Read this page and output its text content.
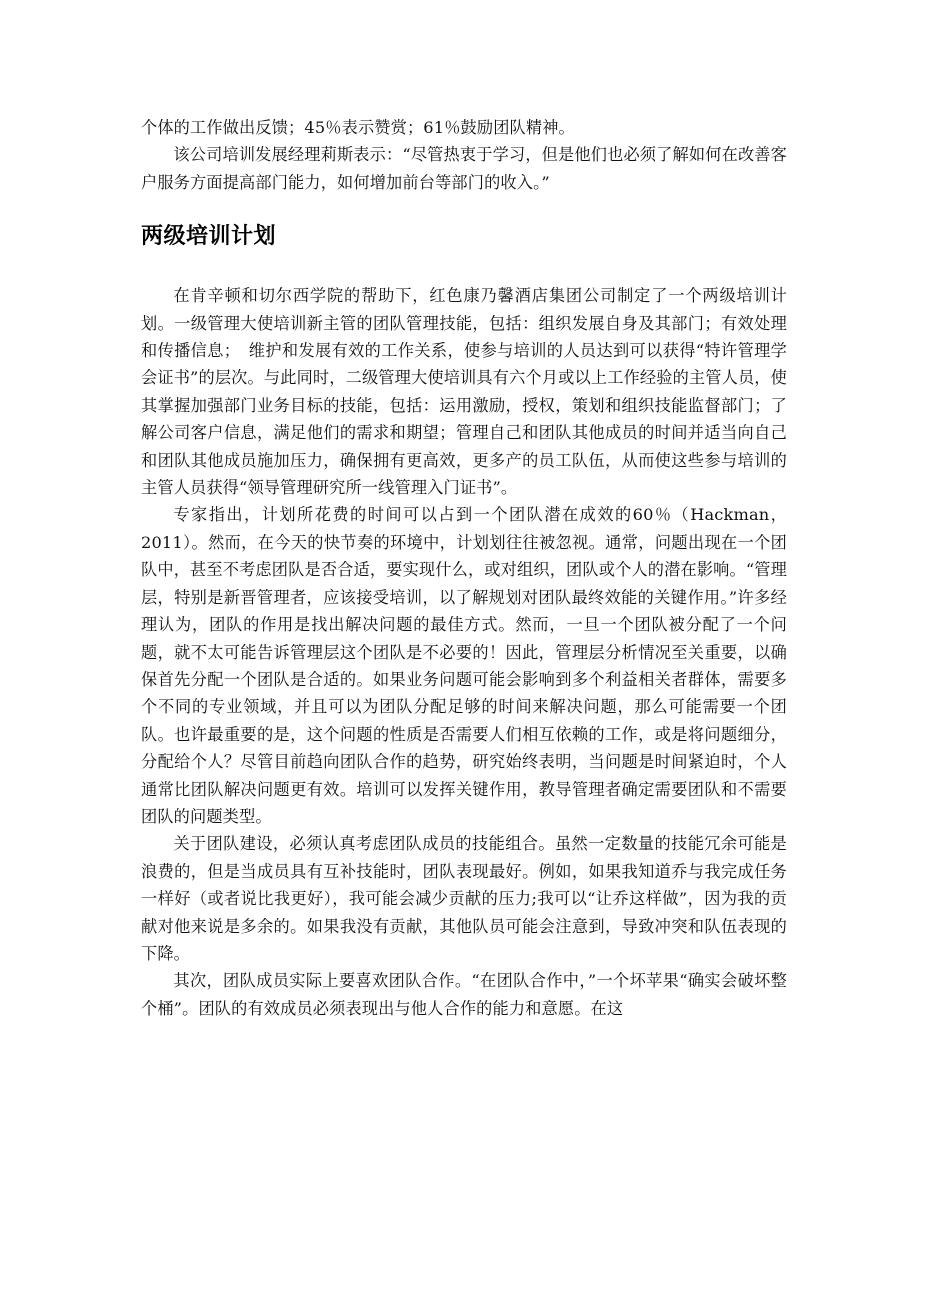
个体的工作做出反馈；45％表示赞赏；61％鼓励团队精神。

该公司培训发展经理莉斯表示：“尽管热衷于学习，但是他们也必须了解如何在改善客户服务方面提高部门能力，如何增加前台等部门的收入。”

两级培训计划

在肯辛顿和切尔西学院的帮助下，红色康乃馨酒店集团公司制定了一个两级培训计划。一级管理大使培训新主管的团队管理技能，包括：组织发展自身及其部门；有效处理和传播信息；　维护和发展有效的工作关系，使参与培训的人员达到可以获得“特许管理学会证书”的层次。与此同时，二级管理大使培训具有六个月或以上工作经验的主管人员，使其掌握加强部门业务目标的技能，包括：运用激励，授权，策划和组织技能监督部门；了解公司客户信息，满足他们的需求和期望；管理自己和团队其他成员的时间并适当向自己和团队其他成员施加压力，确保拥有更高效，更多产的员工队伍，从而使这些参与培训的主管人员获得“领导管理研究所一线管理入门证书”。

专家指出，计划所花费的时间可以占到一个团队潜在成效的60％（Hackman，2011）。然而，在今天的快节奏的环境中，计划划往往被忽视。通常，问题出现在一个团队中，甚至不考虑团队是否合适，要实现什么，或对组织，团队或个人的潜在影响。“管理层，特别是新晋管理者，应该接受培训，以了解规划对团队最终效能的关键作用。”许多经理认为，团队的作用是找出解决问题的最佳方式。然而，一旦一个团队被分配了一个问题，就不太可能告诉管理层这个团队是不必要的！因此，管理层分析情况至关重要，以确保首先分配一个团队是合适的。如果业务问题可能会影响到多个利益相关者群体，需要多个不同的专业领域，并且可以为团队分配足够的时间来解决问题，那么可能需要一个团队。也许最重要的是，这个问题的性质是否需要人们相互依赖的工作，或是将问题细分，分配给个人？尽管目前趋向团队合作的趋势，研究始终表明，当问题是时间紧迫时，个人通常比团队解决问题更有效。培训可以发挥关键作用，教导管理者确定需要团队和不需要团队的问题类型。

关于团队建设，必须认真考虑团队成员的技能组合。虽然一定数量的技能冗余可能是浪费的，但是当成员具有互补技能时，团队表现最好。例如，如果我知道乔与我完成任务一样好（或者说比我更好），我可能会减少贡献的压力;我可以“让乔这样做”，因为我的贡献对他来说是多余的。如果我没有贡献，其他队员可能会注意到，导致冲突和队伍表现的下降。

其次，团队成员实际上要喜欢团队合作。“在团队合作中，”一个坏苹果“确实会破坏整个桶”。团队的有效成员必须表现出与他人合作的能力和意愿。在这
